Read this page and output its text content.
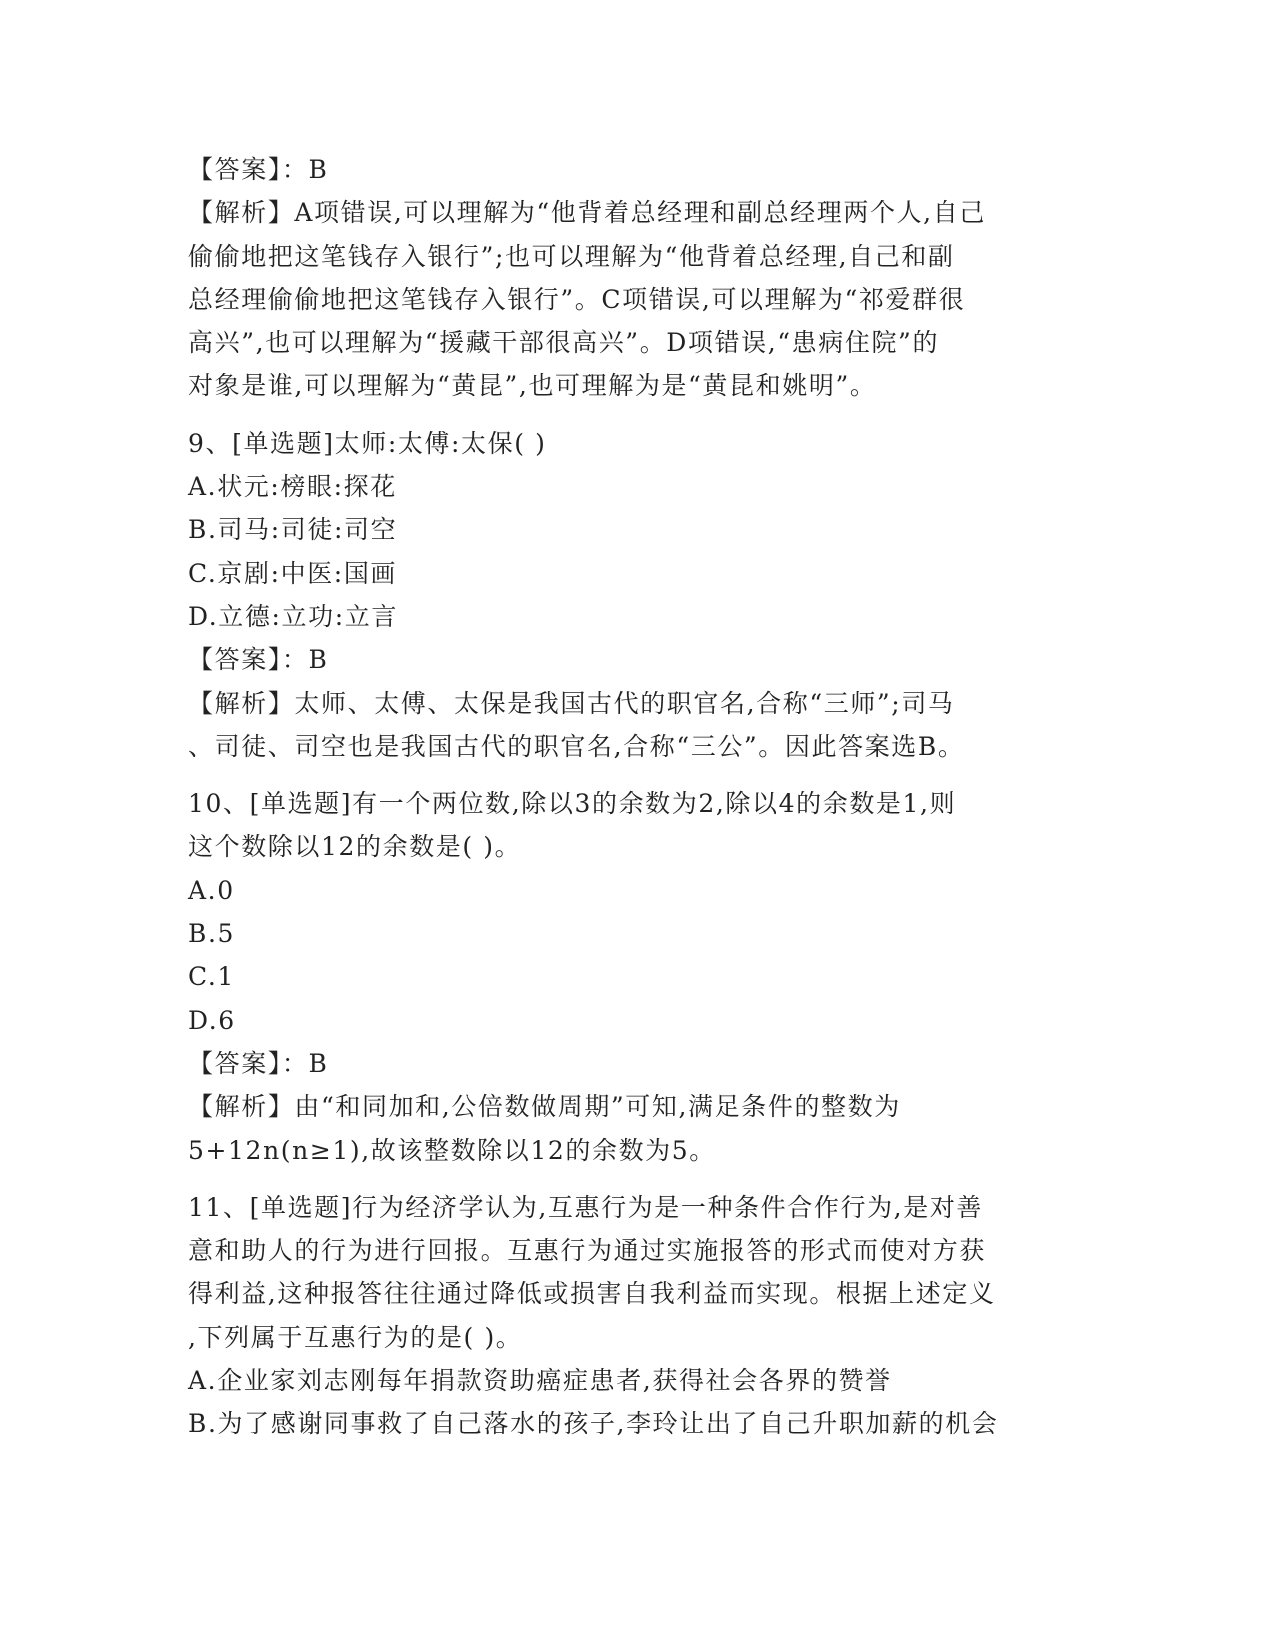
【答案】：B
【解析】A项错误,可以理解为“他背着总经理和副总经理两个人,自己
偷偷地把这笔钱存入银行”;也可以理解为“他背着总经理,自己和副
总经理偷偷地把这笔钱存入银行”。C项错误,可以理解为“祁爱群很
高兴”,也可以理解为“援藏干部很高兴”。D项错误,“患病住院”的
对象是谁,可以理解为“黄昆”,也可理解为是“黄昆和姚明”。
9、[单选题]太师:太傅:太保( )
A.状元:榜眼:探花
B.司马:司徒:司空
C.京剧:中医:国画
D.立德:立功:立言
【答案】：B
【解析】太师、太傅、太保是我国古代的职官名,合称“三师”;司马
、司徒、司空也是我国古代的职官名,合称“三公”。因此答案选B。
10、[单选题]有一个两位数,除以3的余数为2,除以4的余数是1,则
这个数除以12的余数是( )。
A.0
B.5
C.1
D.6
【答案】：B
【解析】由“和同加和,公倍数做周期”可知,满足条件的整数为
5+12n(n≥1),故该整数除以12的余数为5。
11、[单选题]行为经济学认为,互惠行为是一种条件合作行为,是对善
意和助人的行为进行回报。互惠行为通过实施报答的形式而使对方获
得利益,这种报答往往通过降低或损害自我利益而实现。根据上述定义
,下列属于互惠行为的是( )。
A.企业家刘志刚每年捐款资助癌症患者,获得社会各界的赞誉
B.为了感谢同事救了自己落水的孩子,李玲让出了自己升职加薪的机会
